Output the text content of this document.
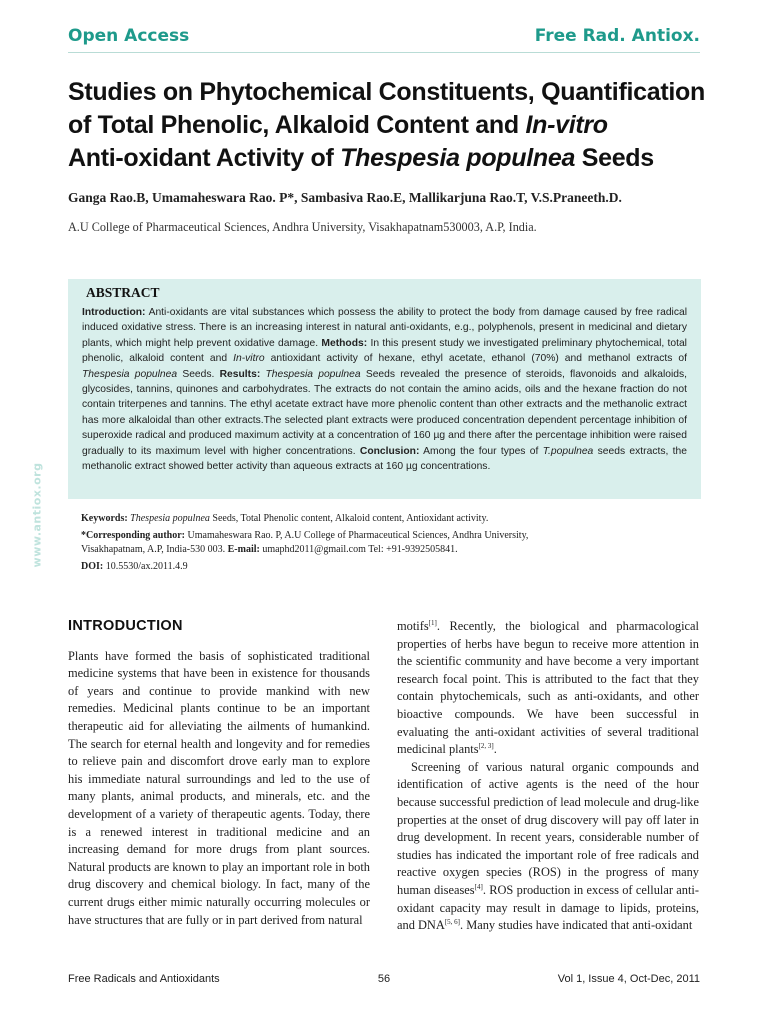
Open Access	Free Rad. Antiox.
Studies on Phytochemical Constituents, Quantification
of Total Phenolic, Alkaloid Content and In-vitro
Anti-oxidant Activity of Thespesia populnea Seeds
Ganga Rao.B, Umamaheswara Rao. P*, Sambasiva Rao.E, Mallikarjuna Rao.T, V.S.Praneeth.D.
A.U College of Pharmaceutical Sciences, Andhra University, Visakhapatnam530003, A.P, India.
ABSTRACT
Introduction: Anti-oxidants are vital substances which possess the ability to protect the body from damage caused by free radical induced oxidative stress. There is an increasing interest in natural anti-oxidants, e.g., polyphenols, present in medicinal and dietary plants, which might help prevent oxidative damage. Methods: In this present study we investigated preliminary phytochemical, total phenolic, alkaloid content and In-vitro antioxidant activity of hexane, ethyl acetate, ethanol (70%) and methanol extracts of Thespesia populnea Seeds. Results: Thespesia populnea Seeds revealed the presence of steroids, flavonoids and alkaloids, glycosides, tannins, quinones and carbohydrates. The extracts do not contain the amino acids, oils and the hexane fraction do not contain triterpenes and tannins. The ethyl acetate extract have more phenolic content than other extracts and the methanolic extract has more alkaloidal than other extracts.The selected plant extracts were produced concentration dependent percentage inhibition of superoxide radical and produced maximum activity at a concentration of 160 µg and there after the percentage inhibition were raised gradually to its maximum level with higher concentrations. Conclusion: Among the four types of T.populnea seeds extracts, the methanolic extract showed better activity than aqueous extracts at 160 µg concentrations.
www.antiox.org	Keywords: Thespesia populnea Seeds, Total Phenolic content, Alkaloid content, Antioxidant activity.

*Corresponding author: Umamaheswara Rao. P, A.U College of Pharmaceutical Sciences, Andhra University,
Visakhapatnam, A.P, India-530 003. E-mail: umaphd2011@gmail.com Tel: +91-9392505841.

DOI: 10.5530/ax.2011.4.9

INTRODUCTION

Plants have formed the basis of sophisticated traditional medicine systems that have been in existence for thousands of years and continue to provide mankind with new remedies. Medicinal plants continue to be an important therapeutic aid for alleviating the ailments of humankind. The search for eternal health and longevity and for remedies to relieve pain and discomfort drove early man to explore his immediate natural surroundings and led to the use of many plants, animal products, and minerals, etc. and the development of a variety of therapeutic agents. Today, there is a renewed interest in traditional medicine and an increasing demand for more drugs from plant sources. Natural products are known to play an important role in both drug discovery and chemical biology. In fact, many of the current drugs either mimic naturally occurring molecules or have structures that are fully or in part derived from natural

motifs[1]. Recently, the biological and pharmacological properties of herbs have begun to receive more attention in the scientific community and have become a very important research focal point. This is attributed to the fact that they contain phytochemicals, such as anti-oxidants, and other bioactive compounds. We have been successful in evaluating the anti-oxidant activities of several traditional medicinal plants[2, 3].

Screening of various natural organic compounds and identification of active agents is the need of the hour because successful prediction of lead molecule and drug-like properties at the onset of drug discovery will pay off later in drug development. In recent years, considerable number of studies has indicated the important role of free radicals and reactive oxygen species (ROS) in the progress of many human diseases[4]. ROS production in excess of cellular anti-oxidant capacity may result in damage to lipids, proteins, and DNA[5, 6]. Many studies have indicated that anti-oxidant

Free Radicals and Antioxidants	56	Vol 1, Issue 4, Oct-Dec, 2011
